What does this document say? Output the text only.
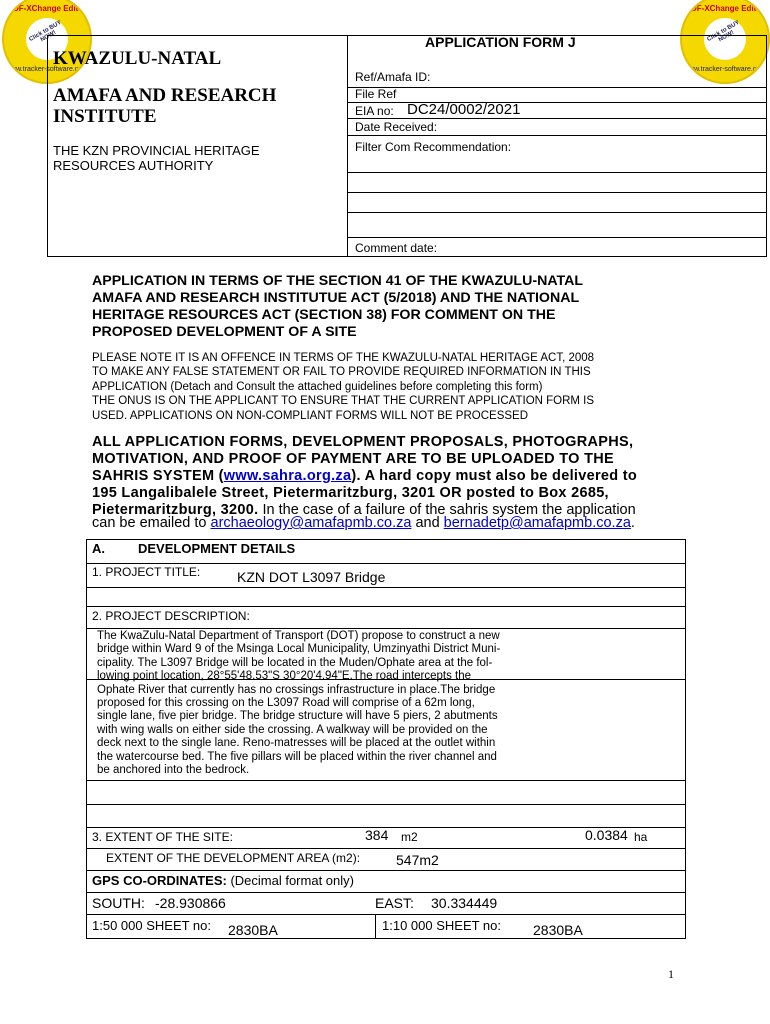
PDF-XChange Editor
Click to BUY NOW!
www.tracker-software.com
PDF-XChange Editor
Click to BUY NOW!
www.tracker-software.com
APPLICATION FORM J
KWAZULU-NATAL
AMAFA AND RESEARCH
INSTITUTE
THE KZN PROVINCIAL HERITAGE
RESOURCES AUTHORITY
Ref/Amafa ID:
File Ref
EIA no: DC24/0002/2021
Date Received:
Filter Com Recommendation:
Comment date:
APPLICATION IN TERMS OF THE SECTION 41 OF THE KWAZULU-NATAL
AMAFA AND RESEARCH INSTITUTUE ACT (5/2018) AND THE NATIONAL
HERITAGE RESOURCES ACT (SECTION 38) FOR COMMENT ON THE
PROPOSED DEVELOPMENT OF A SITE
PLEASE NOTE IT IS AN OFFENCE IN TERMS OF THE KWAZULU-NATAL HERITAGE ACT, 2008
TO MAKE ANY FALSE STATEMENT OR FAIL TO PROVIDE REQUIRED INFORMATION IN THIS
APPLICATION (Detach and Consult the attached guidelines before completing this form)
THE ONUS IS ON THE APPLICANT TO ENSURE THAT THE CURRENT APPLICATION FORM IS
USED. APPLICATIONS ON NON-COMPLIANT FORMS WILL NOT BE PROCESSED
ALL APPLICATION FORMS, DEVELOPMENT PROPOSALS, PHOTOGRAPHS,
MOTIVATION, AND PROOF OF PAYMENT ARE TO BE UPLOADED TO THE
SAHRIS SYSTEM (www.sahra.org.za). A hard copy must also be delivered to
195 Langalibalele Street, Pietermaritzburg, 3201 OR posted to Box 2685,
Pietermaritzburg, 3200. In the case of a failure of the sahris system the application
can be emailed to archaeology@amafapmb.co.za and bernadetp@amafapmb.co.za.
A.	DEVELOPMENT DETAILS
1. PROJECT TITLE:	KZN DOT L3097 Bridge
2. PROJECT DESCRIPTION:
The KwaZulu-Natal Department of Transport (DOT) propose to construct a new
bridge within Ward 9 of the Msinga Local Municipality, Umzinyathi District Muni-
cipality. The L3097 Bridge will be located in the Muden/Ophate area at the fol-
lowing point location, 28°55'48.53"S 30°20'4.94"E.The road intercepts the
Ophate River that currently has no crossings infrastructure in place.The bridge
proposed for this crossing on the L3097 Road will comprise of a 62m long,
single lane, five pier bridge. The bridge structure will have 5 piers, 2 abutments
with wing walls on either side the crossing. A walkway will be provided on the
deck next to the single lane. Reno-matresses will be placed at the outlet within
the watercourse bed. The five pillars will be placed within the river channel and
be anchored into the bedrock.
3. EXTENT OF THE SITE:	384 m2	0.0384 ha
EXTENT OF THE DEVELOPMENT AREA (m2):	547m2
GPS CO-ORDINATES: (Decimal format only)
SOUTH: -28.930866	EAST: 30.334449
1:50 000 SHEET no: 2830BA	1:10 000 SHEET no: 2830BA
1
